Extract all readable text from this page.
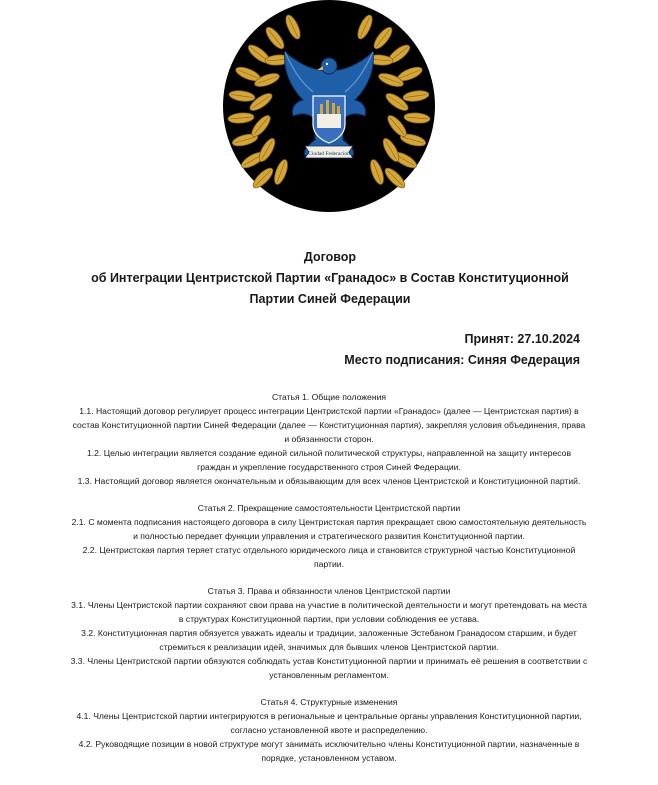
Ciudad Federación
Договор
об Интеграции Центристской Партии «Гранадос» в Состав Конституционной
Партии Синей Федерации
Принят: 27.10.2024
Место подписания: Синяя Федерация
Статья 1. Общие положения
1.1. Настоящий договор регулирует процесс интеграции Центристской партии «Гранадос» (далее — Центристская партия) в состав Конституционной партии Синей Федерации (далее — Конституционная партия), закрепляя условия объединения, права и обязанности сторон.
1.2. Целью интеграции является создание единой сильной политической структуры, направленной на защиту интересов граждан и укрепление государственного строя Синей Федерации.
1.3. Настоящий договор является окончательным и обязывающим для всех членов Центристской и Конституционной партий.
Статья 2. Прекращение самостоятельности Центристской партии
2.1. С момента подписания настоящего договора в силу Центристская партия прекращает свою самостоятельную деятельность и полностью передает функции управления и стратегического развития Конституционной партии.
2.2. Центристская партия теряет статус отдельного юридического лица и становится структурной частью Конституционной партии.
Статья 3. Права и обязанности членов Центристской партии
3.1. Члены Центристской партии сохраняют свои права на участие в политической деятельности и могут претендовать на места в структурах Конституционной партии, при условии соблюдения ее устава.
3.2. Конституционная партия обязуется уважать идеалы и традиции, заложенные Эстебаном Гранадосом старшим, и будет стремиться к реализации идей, значимых для бывших членов Центристской партии.
3.3. Члены Центристской партии обязуются соблюдать устав Конституционной партии и принимать её решения в соответствии с установленным регламентом.
Статья 4. Структурные изменения
4.1. Члены Центристской партии интегрируются в региональные и центральные органы управления Конституционной партии, согласно установленной квоте и распределению.
4.2. Руководящие позиции в новой структуре могут занимать исключительно члены Конституционной партии, назначенные в порядке, установленном уставом.
